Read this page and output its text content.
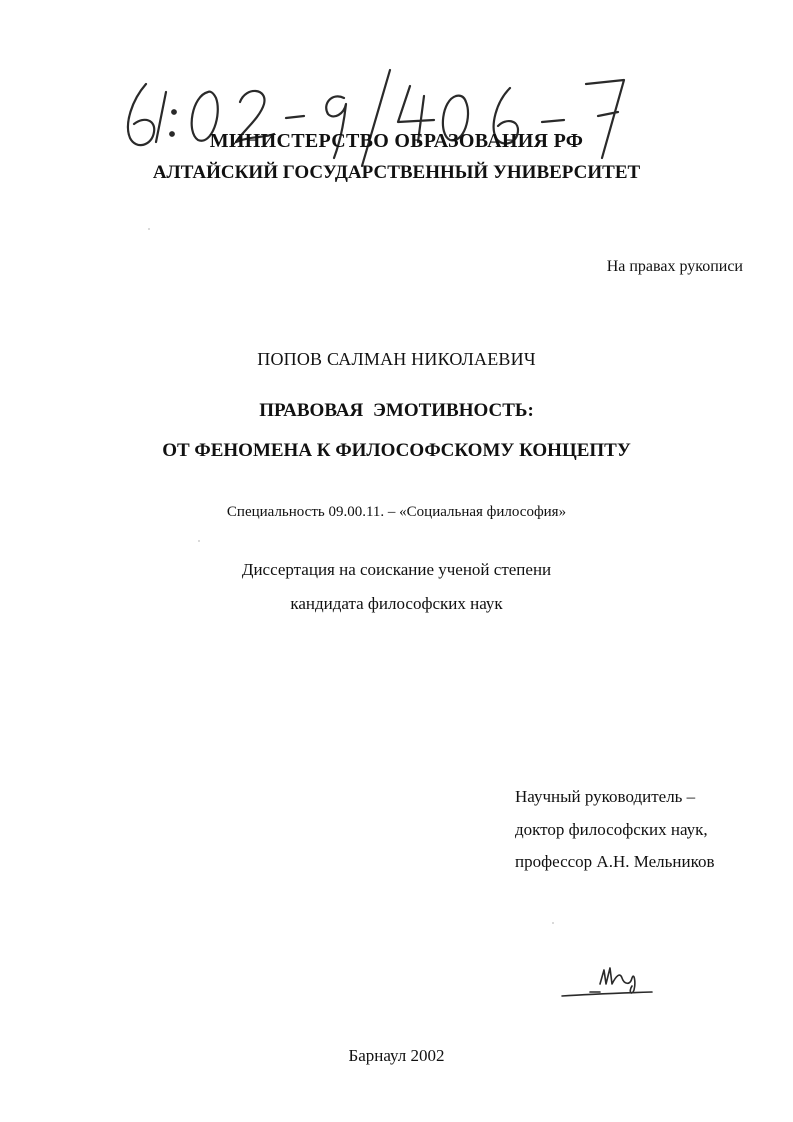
МИНИСТЕРСТВО ОБРАЗОВАНИЯ РФ
АЛТАЙСКИЙ ГОСУДАРСТВЕННЫЙ УНИВЕРСИТЕТ
На правах рукописи
ПОПОВ САЛМАН НИКОЛАЕВИЧ
ПРАВОВАЯ ЭМОТИВНОСТЬ:
ОТ ФЕНОМЕНА К ФИЛОСОФСКОМУ КОНЦЕПТУ
Специальность 09.00.11. – «Социальная философия»
Диссертация на соискание ученой степени
кандидата философских наук
Научный руководитель –
доктор философских наук,
профессор А.Н. Мельников
Барнаул 2002
